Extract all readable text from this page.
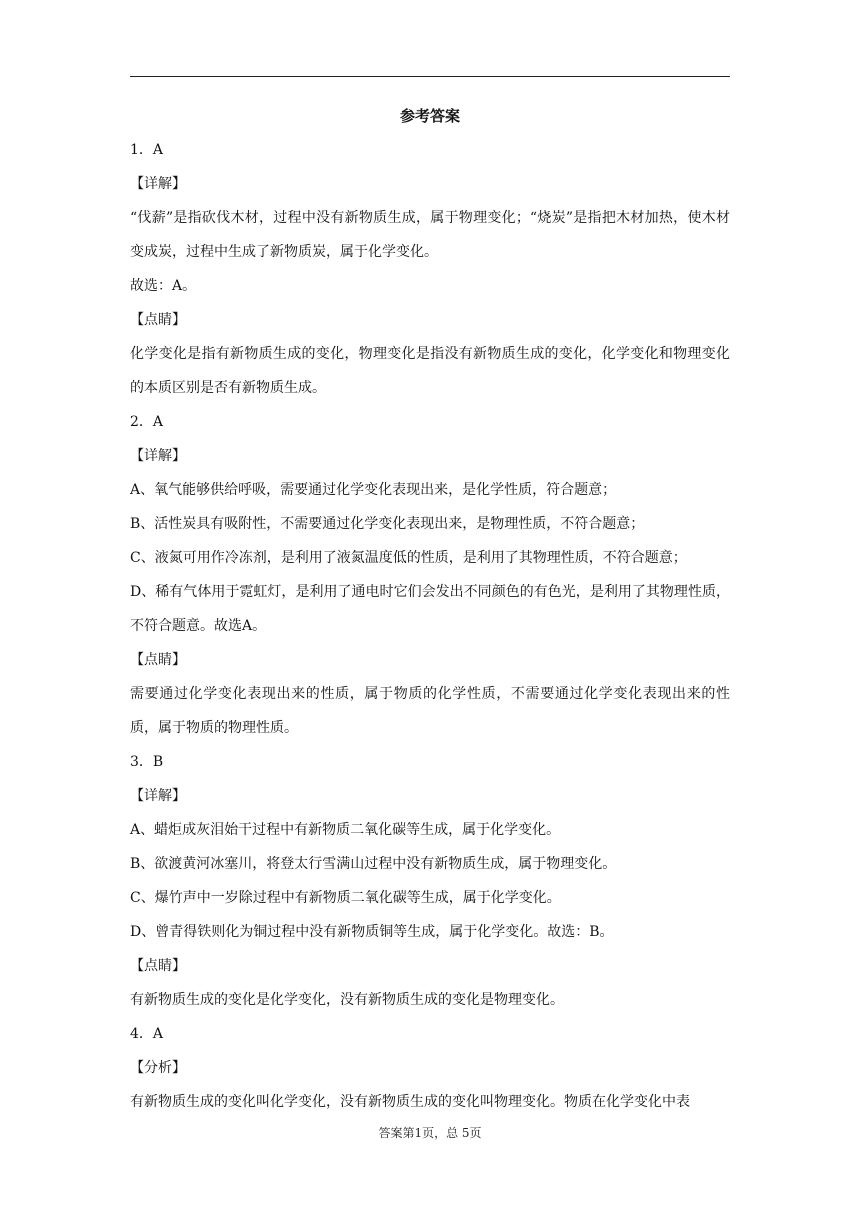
参考答案

1．A

【详解】

“伐薪”是指砍伐木材，过程中没有新物质生成，属于物理变化；“烧炭”是指把木材加热，使木材变成炭，过程中生成了新物质炭，属于化学变化。

故选：A。

【点睛】

化学变化是指有新物质生成的变化，物理变化是指没有新物质生成的变化，化学变化和物理变化的本质区别是否有新物质生成。

2．A

【详解】

A、氧气能够供给呼吸，需要通过化学变化表现出来，是化学性质，符合题意；

B、活性炭具有吸附性，不需要通过化学变化表现出来，是物理性质，不符合题意；

C、液氮可用作冷冻剂，是利用了液氮温度低的性质，是利用了其物理性质，不符合题意；

D、稀有气体用于霓虹灯，是利用了通电时它们会发出不同颜色的有色光，是利用了其物理性质，不符合题意。故选A。

【点睛】

需要通过化学变化表现出来的性质，属于物质的化学性质，不需要通过化学变化表现出来的性质，属于物质的物理性质。

3．B

【详解】

A、蜡炬成灰泪始干过程中有新物质二氧化碳等生成，属于化学变化。

B、欲渡黄河冰塞川，将登太行雪满山过程中没有新物质生成，属于物理变化。

C、爆竹声中一岁除过程中有新物质二氧化碳等生成，属于化学变化。

D、曾青得铁则化为铜过程中没有新物质铜等生成，属于化学变化。故选：B。

【点睛】

有新物质生成的变化是化学变化，没有新物质生成的变化是物理变化。

4．A

【分析】

有新物质生成的变化叫化学变化，没有新物质生成的变化叫物理变化。物质在化学变化中表

答案第1页，总 5页
